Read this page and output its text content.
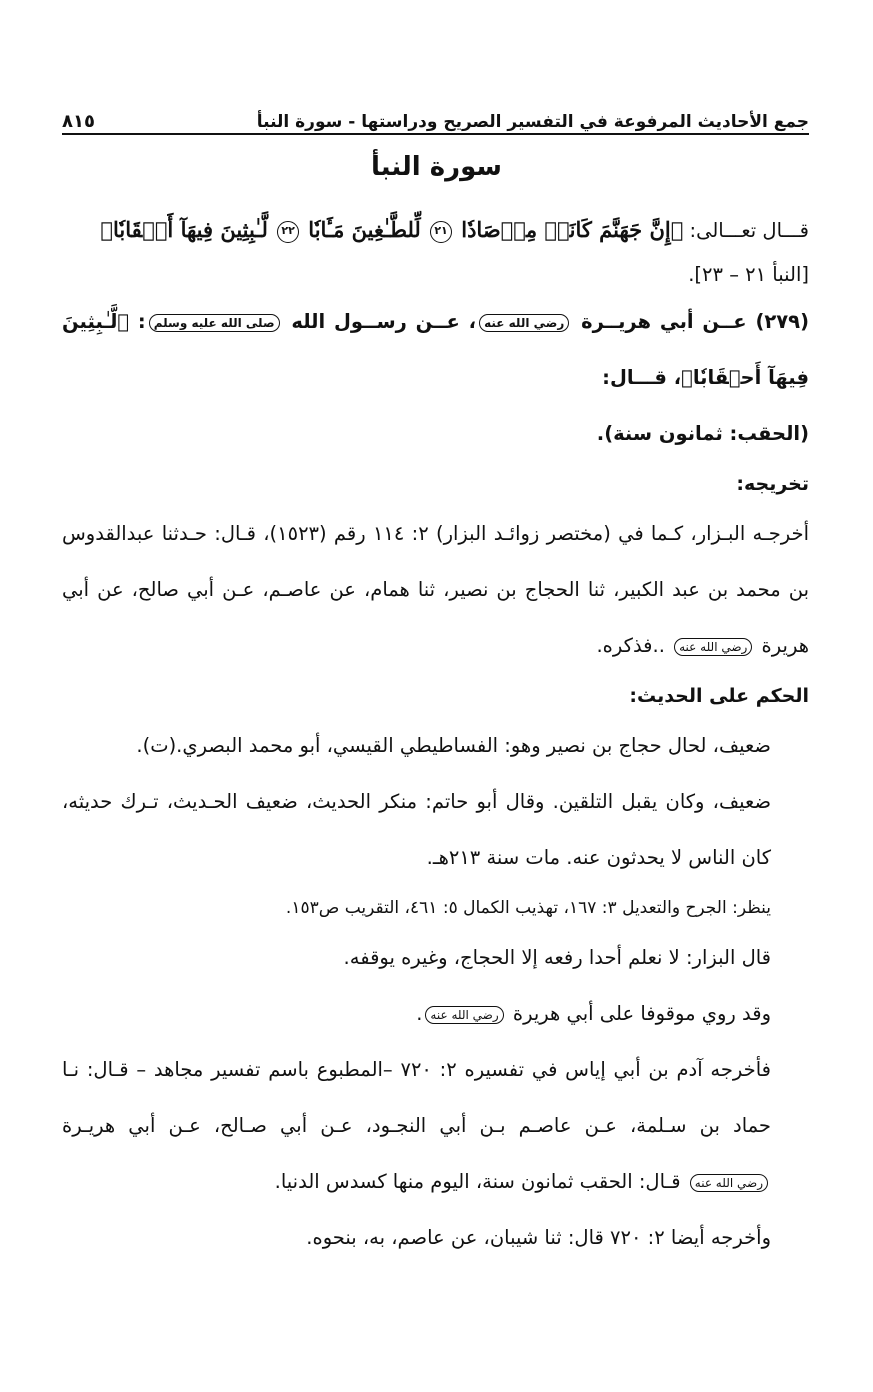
جمع الأحاديث المرفوعة في التفسير الصريح ودراستها - سورة النبأ
٨١٥
سورة النبأ

قـــال تعـــالى: ﴿إِنَّ جَهَنَّمَ كَانَتۡ مِرۡصَادٗا ٢١ لِّلطَّـٰغِينَ مَـَٔابٗا ٢٢ لَّـٰبِثِينَ فِيهَآ أَحۡقَابٗا﴾

[النبأ ٢١ – ٢٣].

(٢٧٩) عــن أبي هريــرة رضي الله عنه، عــن رســول الله صلى الله عليه وسلم: ﴿لَّـٰبِثِينَ فِيهَآ أَحۡقَابٗا﴾، قـــال:
(الحقب: ثمانون سنة).

تخريجه:

أخرجـه البـزار، كـما في (مختصر زوائـد البزار) ٢: ١١٤ رقم (١٥٢٣)، قـال: حـدثنا عبدالقدوس بن محمد بن عبد الكبير، ثنا الحجاج بن نصير، ثنا همام، عن عاصـم، عـن أبي صالح، عن أبي هريرة رضي الله عنه ..فذكره.

الحكم على الحديث:

ضعيف، لحال حجاج بن نصير وهو: الفساطيطي القيسي، أبو محمد البصري.(ت).

ضعيف، وكان يقبل التلقين. وقال أبو حاتم: منكر الحديث، ضعيف الحـديث، تـرك حديثه، كان الناس لا يحدثون عنه. مات سنة ٢١٣هـ.

ينظر: الجرح والتعديل ٣: ١٦٧، تهذيب الكمال ٥: ٤٦١، التقريب ص١٥٣.

قال البزار: لا نعلم أحدا رفعه إلا الحجاج، وغيره يوقفه.

وقد روي موقوفا على أبي هريرة رضي الله عنه.

فأخرجه آدم بن أبي إياس في تفسيره ٢: ٧٢٠ –المطبوع باسم تفسير مجاهد – قـال: نـا حماد بن سـلمة، عـن عاصـم بـن أبي النجـود، عـن أبي صـالح، عـن أبي هريـرة رضي الله عنه قـال: الحقب ثمانون سنة، اليوم منها كسدس الدنيا.

وأخرجه أيضا ٢: ٧٢٠ قال: ثنا شيبان، عن عاصم، به، بنحوه.
